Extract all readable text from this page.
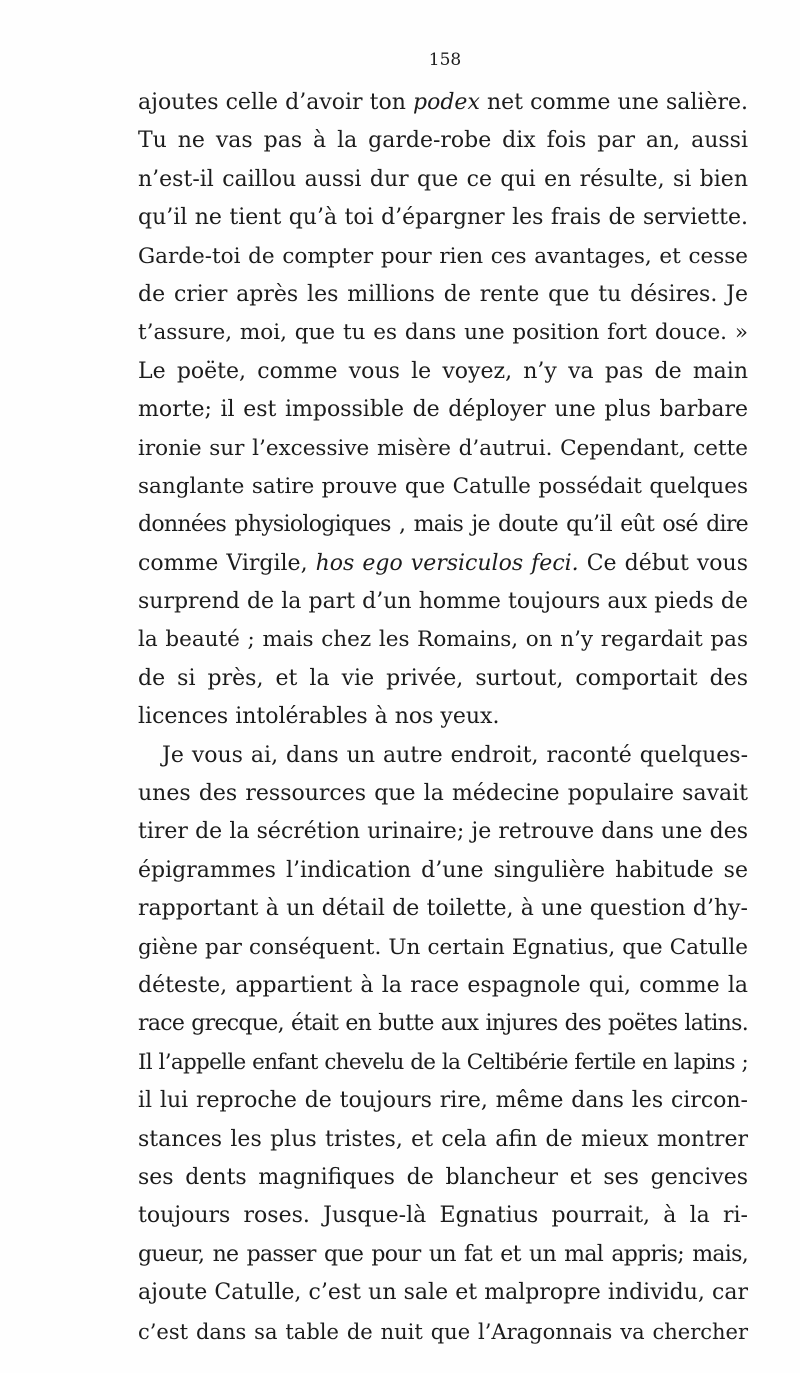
158
ajoutes celle d’avoir ton podex net comme une salière.
Tu ne vas pas à la garde-robe dix fois par an, aussi
n’est-il caillou aussi dur que ce qui en résulte, si bien
qu’il ne tient qu’à toi d’épargner les frais de serviette.
Garde-toi de compter pour rien ces avantages, et cesse
de crier après les millions de rente que tu désires. Je
t’assure, moi, que tu es dans une position fort douce. »
Le poëte, comme vous le voyez, n’y va pas de main
morte; il est impossible de déployer une plus barbare
ironie sur l’excessive misère d’autrui. Cependant, cette
sanglante satire prouve que Catulle possédait quelques
données physiologiques , mais je doute qu’il eût osé dire
comme Virgile, hos ego versiculos feci. Ce début vous
surprend de la part d’un homme toujours aux pieds de
la beauté ; mais chez les Romains, on n’y regardait pas
de si près, et la vie privée, surtout, comportait des
licences intolérables à nos yeux.
Je vous ai, dans un autre endroit, raconté quelques-
unes des ressources que la médecine populaire savait
tirer de la sécrétion urinaire; je retrouve dans une des
épigrammes l’indication d’une singulière habitude se
rapportant à un détail de toilette, à une question d’hy-
giène par conséquent. Un certain Egnatius, que Catulle
déteste, appartient à la race espagnole qui, comme la
race grecque, était en butte aux injures des poëtes latins.
Il l’appelle enfant chevelu de la Celtibérie fertile en lapins ;
il lui reproche de toujours rire, même dans les circon-
stances les plus tristes, et cela afin de mieux montrer
ses dents magnifiques de blancheur et ses gencives
toujours roses. Jusque-là Egnatius pourrait, à la ri-
gueur, ne passer que pour un fat et un mal appris; mais,
ajoute Catulle, c’est un sale et malpropre individu, car
c’est dans sa table de nuit que l’Aragonnais va chercher
